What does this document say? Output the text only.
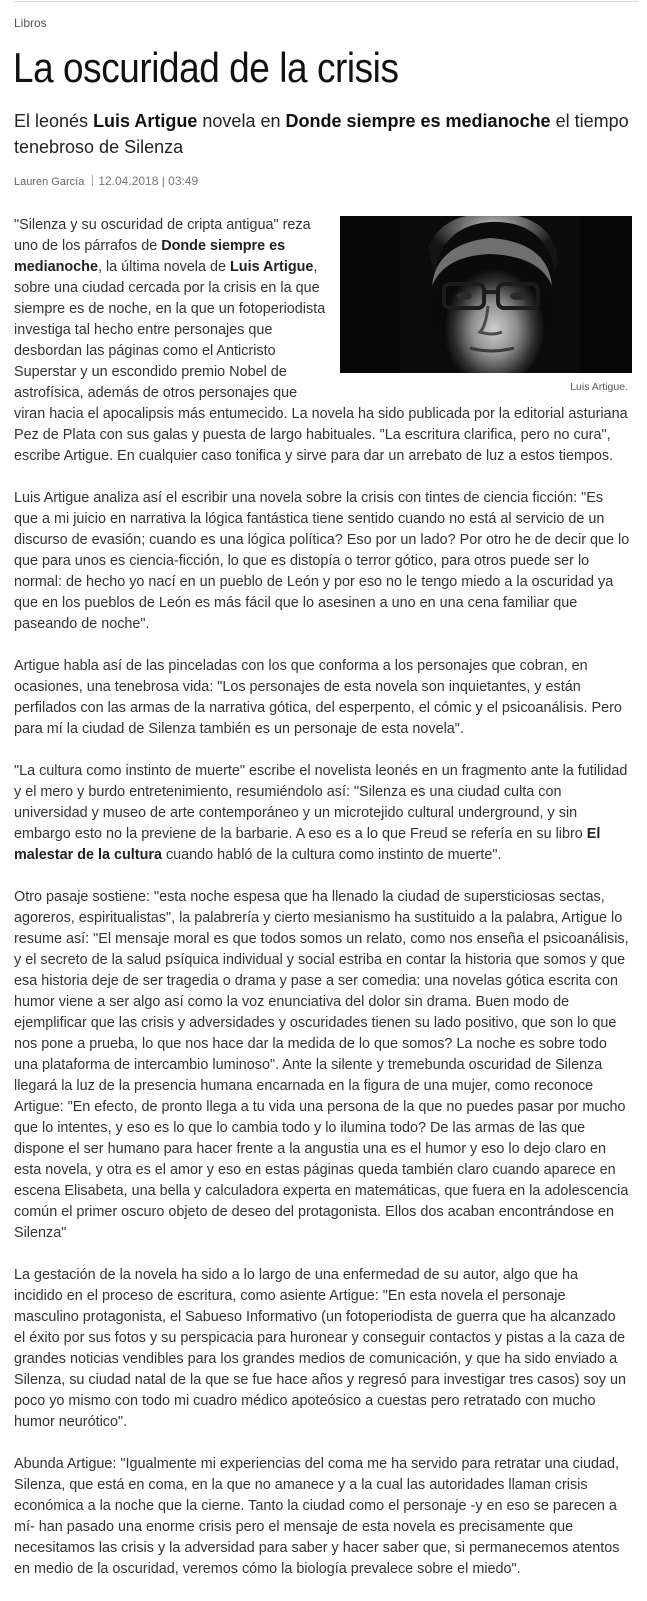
Libros
La oscuridad de la crisis
El leonés Luis Artigue novela en Donde siempre es medianoche el tiempo tenebroso de Silenza
Lauren García 12.04.2018 | 03:49
Luis Artigue.

"Silenza y su oscuridad de cripta antigua" reza uno de los párrafos de Donde siempre es medianoche, la última novela de Luis Artigue, sobre una ciudad cercada por la crisis en la que siempre es de noche, en la que un fotoperiodista investiga tal hecho entre personajes que desbordan las páginas como el Anticristo Superstar y un escondido premio Nobel de astrofísica, además de otros personajes que viran hacia el apocalipsis más entumecido. La novela ha sido publicada por la editorial asturiana Pez de Plata con sus galas y puesta de largo habituales. "La escritura clarifica, pero no cura", escribe Artigue. En cualquier caso tonifica y sirve para dar un arrebato de luz a estos tiempos.

Luis Artigue analiza así el escribir una novela sobre la crisis con tintes de ciencia ficción: "Es que a mi juicio en narrativa la lógica fantástica tiene sentido cuando no está al servicio de un discurso de evasión; cuando es una lógica política? Eso por un lado? Por otro he de decir que lo que para unos es ciencia-ficción, lo que es distopía o terror gótico, para otros puede ser lo normal: de hecho yo nací en un pueblo de León y por eso no le tengo miedo a la oscuridad ya que en los pueblos de León es más fácil que lo asesinen a uno en una cena familiar que paseando de noche".

Artigue habla así de las pinceladas con los que conforma a los personajes que cobran, en ocasiones, una tenebrosa vida: "Los personajes de esta novela son inquietantes, y están perfilados con las armas de la narrativa gótica, del esperpento, el cómic y el psicoanálisis. Pero para mí la ciudad de Silenza también es un personaje de esta novela".

"La cultura como instinto de muerte" escribe el novelista leonés en un fragmento ante la futilidad y el mero y burdo entretenimiento, resumiéndolo así: "Silenza es una ciudad culta con universidad y museo de arte contemporáneo y un microtejido cultural underground, y sin embargo esto no la previene de la barbarie. A eso es a lo que Freud se refería en su libro El malestar de la cultura cuando habló de la cultura como instinto de muerte".

Otro pasaje sostiene: "esta noche espesa que ha llenado la ciudad de supersticiosas sectas, agoreros, espiritualistas", la palabrería y cierto mesianismo ha sustituido a la palabra, Artigue lo resume así: "El mensaje moral es que todos somos un relato, como nos enseña el psicoanálisis, y el secreto de la salud psíquica individual y social estriba en contar la historia que somos y que esa historia deje de ser tragedia o drama y pase a ser comedia: una novelas gótica escrita con humor viene a ser algo así como la voz enunciativa del dolor sin drama. Buen modo de ejemplificar que las crisis y adversidades y oscuridades tienen su lado positivo, que son lo que nos pone a prueba, lo que nos hace dar la medida de lo que somos? La noche es sobre todo una plataforma de intercambio luminoso". Ante la silente y tremebunda oscuridad de Silenza llegará la luz de la presencia humana encarnada en la figura de una mujer, como reconoce Artigue: "En efecto, de pronto llega a tu vida una persona de la que no puedes pasar por mucho que lo intentes, y eso es lo que lo cambia todo y lo ilumina todo? De las armas de las que dispone el ser humano para hacer frente a la angustia una es el humor y eso lo dejo claro en esta novela, y otra es el amor y eso en estas páginas queda también claro cuando aparece en escena Elisabeta, una bella y calculadora experta en matemáticas, que fuera en la adolescencia común el primer oscuro objeto de deseo del protagonista. Ellos dos acaban encontrándose en Silenza"

La gestación de la novela ha sido a lo largo de una enfermedad de su autor, algo que ha incidido en el proceso de escritura, como asiente Artigue: "En esta novela el personaje masculino protagonista, el Sabueso Informativo (un fotoperiodista de guerra que ha alcanzado el éxito por sus fotos y su perspicacia para huronear y conseguir contactos y pistas a la caza de grandes noticias vendibles para los grandes medios de comunicación, y que ha sido enviado a Silenza, su ciudad natal de la que se fue hace años y regresó para investigar tres casos) soy un poco yo mismo con todo mi cuadro médico apoteósico a cuestas pero retratado con mucho humor neurótico".

Abunda Artigue: "Igualmente mi experiencias del coma me ha servido para retratar una ciudad, Silenza, que está en coma, en la que no amanece y a la cual las autoridades llaman crisis económica a la noche que la cierne. Tanto la ciudad como el personaje -y en eso se parecen a mí- han pasado una enorme crisis pero el mensaje de esta novela es precisamente que necesitamos las crisis y la adversidad para saber y hacer saber que, si permanecemos atentos en medio de la oscuridad, veremos cómo la biología prevalece sobre el miedo".
